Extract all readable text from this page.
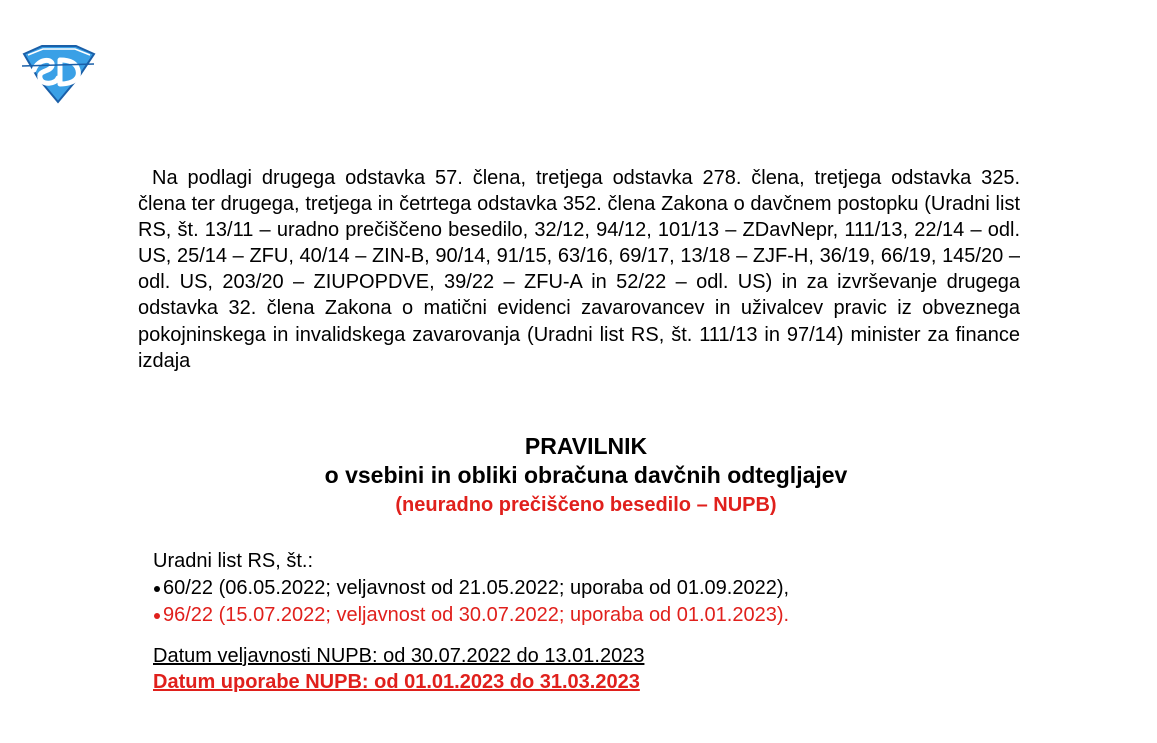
Na podlagi drugega odstavka 57. člena, tretjega odstavka 278. člena, tretjega odstavka 325. člena ter drugega, tretjega in četrtega odstavka 352. člena Zakona o davčnem postopku (Uradni list RS, št. 13/11 – uradno prečiščeno besedilo, 32/12, 94/12, 101/13 – ZDavNepr, 111/13, 22/14 – odl. US, 25/14 – ZFU, 40/14 – ZIN-B, 90/14, 91/15, 63/16, 69/17, 13/18 – ZJF-H, 36/19, 66/19, 145/20 – odl. US, 203/20 – ZIUPOPDVE, 39/22 – ZFU-A in 52/22 – odl. US) in za izvrševanje drugega odstavka 32. člena Zakona o matični evidenci zavarovancev in uživalcev pravic iz obveznega pokojninskega in invalidskega zavarovanja (Uradni list RS, št. 111/13 in 97/14) minister za finance izdaja

PRAVILNIK
o vsebini in obliki obračuna davčnih odtegljajev
(neuradno prečiščeno besedilo – NUPB)
Uradni list RS, št.:
60/22 (06.05.2022; veljavnost od 21.05.2022; uporaba od 01.09.2022),
96/22 (15.07.2022; veljavnost od 30.07.2022; uporaba od 01.01.2023).
Datum veljavnosti NUPB: od 30.07.2022 do 13.01.2023
Datum uporabe NUPB: od 01.01.2023 do 31.03.2023
